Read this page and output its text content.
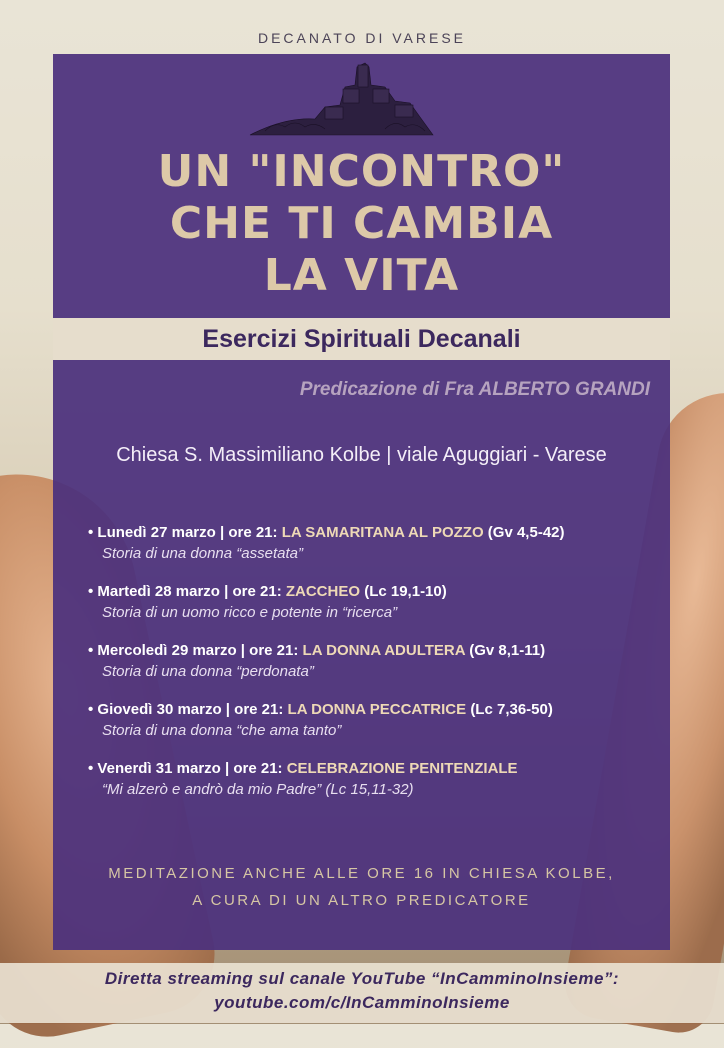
DECANATO DI VARESE
UN "INCONTRO"
CHE TI CAMBIA
LA VITA
Esercizi Spirituali Decanali
Predicazione di Fra ALBERTO GRANDI
Chiesa S. Massimiliano Kolbe | viale Aguggiari - Varese
• Lunedì 27 marzo | ore 21: LA SAMARITANA AL POZZO (Gv 4,5-42)
Storia di una donna “assetata”
• Martedì 28 marzo | ore 21: ZACCHEO (Lc 19,1-10)
Storia di un uomo ricco e potente in “ricerca”
• Mercoledì 29 marzo | ore 21: LA DONNA ADULTERA (Gv 8,1-11)
Storia di una donna “perdonata”
• Giovedì 30 marzo | ore 21: LA DONNA PECCATRICE (Lc 7,36-50)
Storia di una donna “che ama tanto”
• Venerdì 31 marzo | ore 21: CELEBRAZIONE PENITENZIALE
“Mi alzerò e andrò da mio Padre” (Lc 15,11-32)
MEDITAZIONE ANCHE ALLE ORE 16 IN CHIESA KOLBE,
A CURA DI UN ALTRO PREDICATORE
Diretta streaming sul canale YouTube “InCamminoInsieme”:
youtube.com/c/InCamminoInsieme
